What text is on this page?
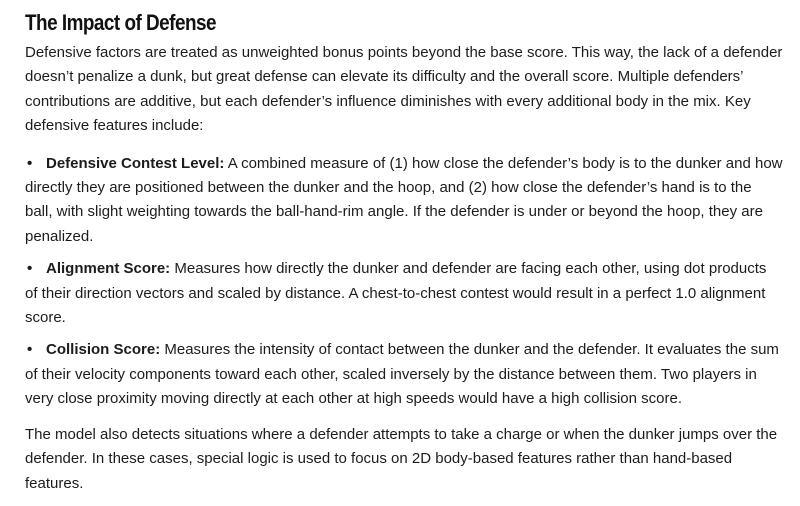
The Impact of Defense

Defensive factors are treated as unweighted bonus points beyond the base score. This way, the lack of a defender doesn’t penalize a dunk, but great defense can elevate its difficulty and the overall score. Multiple defenders’ contributions are additive, but each defender’s influence diminishes with every additional body in the mix. Key defensive features include:

• Defensive Contest Level: A combined measure of (1) how close the defender’s body is to the dunker and how directly they are positioned between the dunker and the hoop, and (2) how close the defender’s hand is to the ball, with slight weighting towards the ball-hand-rim angle. If the defender is under or beyond the hoop, they are penalized.
• Alignment Score: Measures how directly the dunker and defender are facing each other, using dot products of their direction vectors and scaled by distance. A chest-to-chest contest would result in a perfect 1.0 alignment score.
• Collision Score: Measures the intensity of contact between the dunker and the defender. It evaluates the sum of their velocity components toward each other, scaled inversely by the distance between them. Two players in very close proximity moving directly at each other at high speeds would have a high collision score.

The model also detects situations where a defender attempts to take a charge or when the dunker jumps over the defender. In these cases, special logic is used to focus on 2D body-based features rather than hand-based features.
